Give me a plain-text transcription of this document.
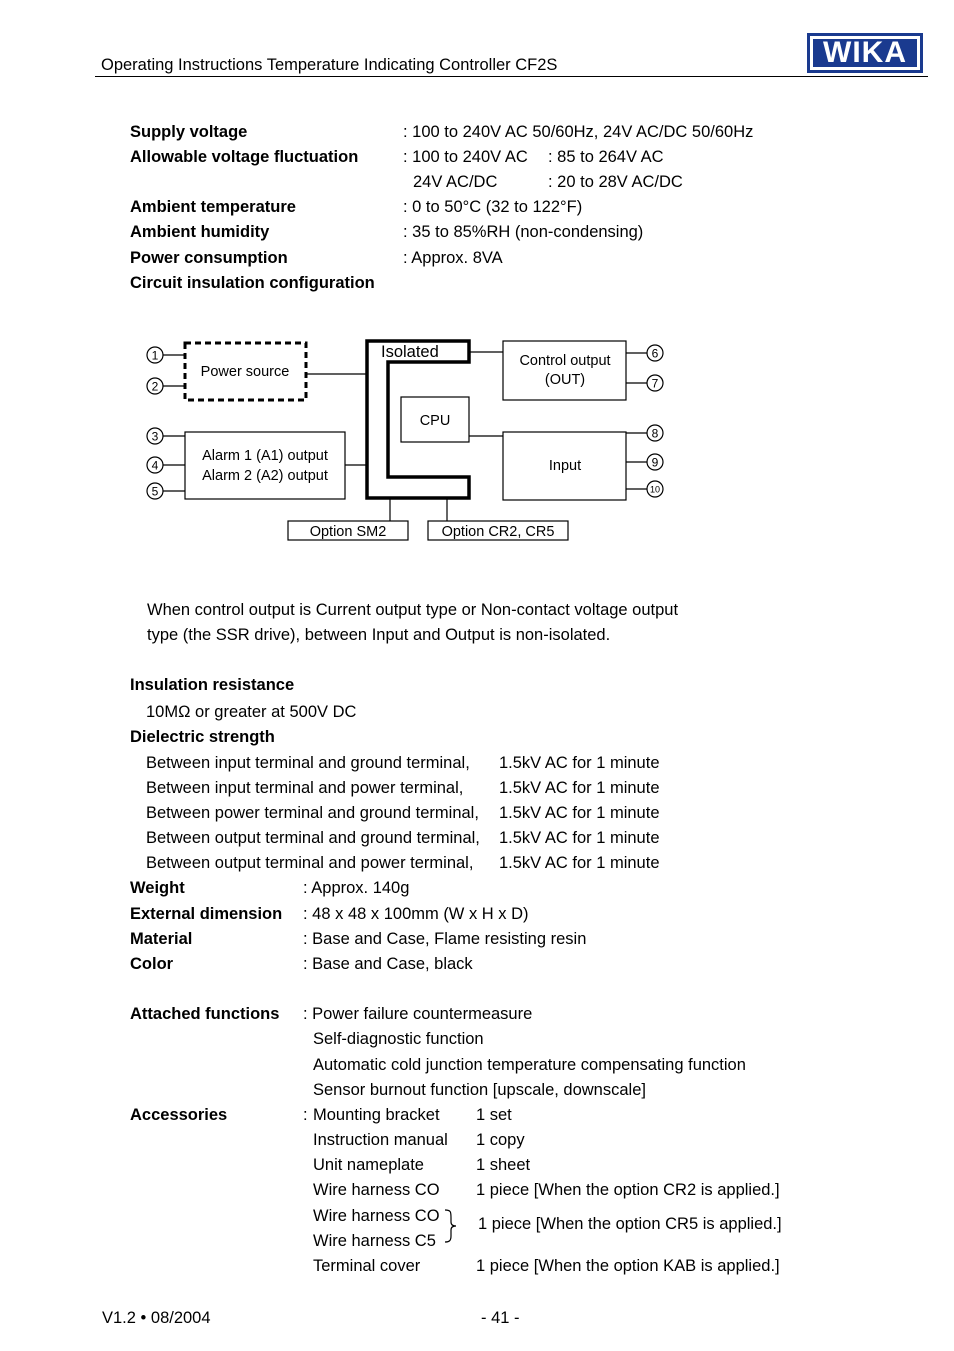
Operating Instructions Temperature Indicating Controller CF2S	WIKA
Supply voltage	: 100 to 240V AC 50/60Hz, 24V AC/DC 50/60Hz
Allowable voltage fluctuation	: 100 to 240V AC : 85 to 264V AC
24V AC/DC	: 20 to 28V AC/DC
Ambient temperature	: 0 to 50°C (32 to 122°F)
Ambient humidity	: 35 to 85%RH (non-condensing)
Power consumption	: Approx. 8VA
Circuit insulation configuration
1
2
3
4
5
6
7
8
9
10
Power source
Alarm 1 (A1) output
Alarm 2 (A2) output
Control output
(OUT)
Input
CPU
Option SM2	Option CR2, CR5
Isolated
When control output is Current output type or Non-contact voltage output
type (the SSR drive), between Input and Output is non-isolated.
Insulation resistance
10MΩ or greater at 500V DC
Dielectric strength
Between input terminal and ground terminal, 1.5kV AC for 1 minute
Between input terminal and power terminal, 1.5kV AC for 1 minute
Between power terminal and ground terminal, 1.5kV AC for 1 minute
Between output terminal and ground terminal, 1.5kV AC for 1 minute
Between output terminal and power terminal, 1.5kV AC for 1 minute
Weight	: Approx. 140g
External dimension : 48 x 48 x 100mm (W x H x D)
Material	: Base and Case, Flame resisting resin
Color	: Base and Case, black
Attached functions : Power failure countermeasure
Self-diagnostic function
Automatic cold junction temperature compensating function
Sensor burnout function [upscale, downscale]
Accessories	: Mounting bracket 1 set
Instruction manual 1 copy
Unit nameplate	1 sheet
Wire harness CO 1 piece [When the option CR2 is applied.]
Wire harness CO
Wire harness C5
1 piece [When the option CR5 is applied.]
Terminal cover	1 piece [When the option KAB is applied.]
V1.2 • 08/2004	- 41 -
